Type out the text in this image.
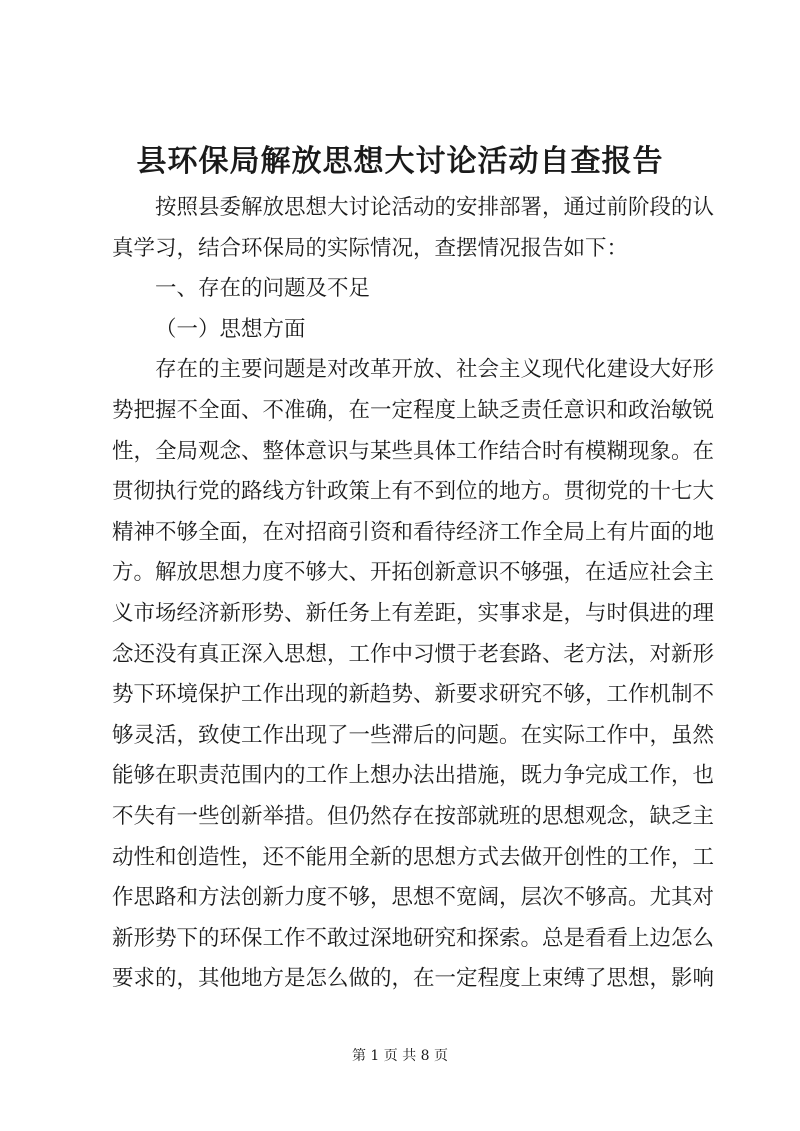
县环保局解放思想大讨论活动自查报告

按照县委解放思想大讨论活动的安排部署，通过前阶段的认真学习，结合环保局的实际情况，查摆情况报告如下：

一、存在的问题及不足

（一）思想方面

存在的主要问题是对改革开放、社会主义现代化建设大好形势把握不全面、不准确，在一定程度上缺乏责任意识和政治敏锐性，全局观念、整体意识与某些具体工作结合时有模糊现象。在贯彻执行党的路线方针政策上有不到位的地方。贯彻党的十七大精神不够全面，在对招商引资和看待经济工作全局上有片面的地方。解放思想力度不够大、开拓创新意识不够强，在适应社会主义市场经济新形势、新任务上有差距，实事求是，与时俱进的理念还没有真正深入思想，工作中习惯于老套路、老方法，对新形势下环境保护工作出现的新趋势、新要求研究不够，工作机制不够灵活，致使工作出现了一些滞后的问题。在实际工作中，虽然能够在职责范围内的工作上想办法出措施，既力争完成工作，也不失有一些创新举措。但仍然存在按部就班的思想观念，缺乏主动性和创造性，还不能用全新的思想方式去做开创性的工作，工作思路和方法创新力度不够，思想不宽阔，层次不够高。尤其对新形势下的环保工作不敢过深地研究和探索。总是看看上边怎么要求的，其他地方是怎么做的，在一定程度上束缚了思想，影响

第 1 页 共 8 页
